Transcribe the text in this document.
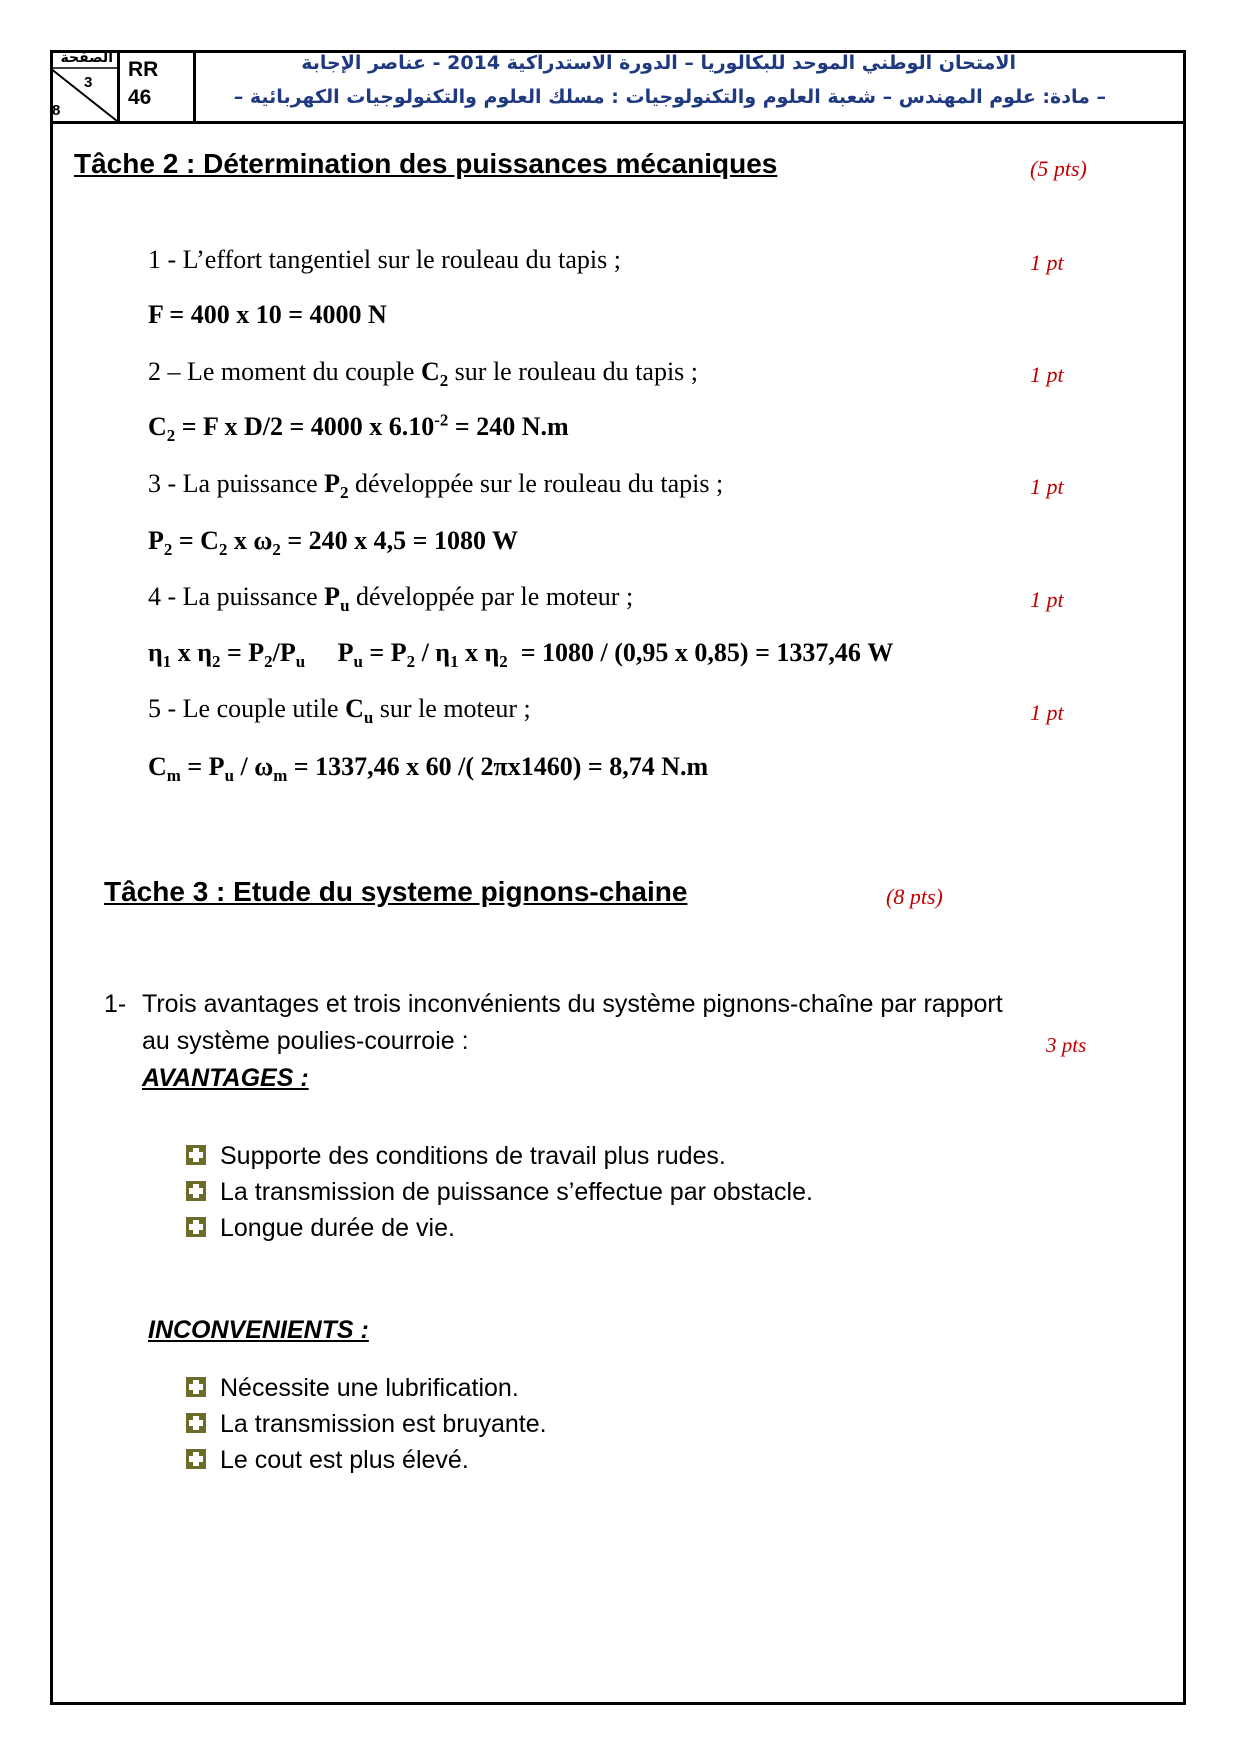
الصفحة
3
8
RR
46
الامتحان الوطني الموحد للبكالوريا – الدورة الاستدراكية 2014 - عناصر الإجابة
– مادة: علوم المهندس – شعبة العلوم والتكنولوجيات : مسلك العلوم والتكنولوجيات الكهربائية –
Tâche 2 : Détermination des puissances mécaniques	(5 pts)
1 - L’effort tangentiel sur le rouleau du tapis ;	1 pt
F = 400 x 10 = 4000 N
2 – Le moment du couple $C_2$ sur le rouleau du tapis ;	1 pt
$C_2 = F$ x D/2 = 4000 x $6.10^{-2} = 240$ N.m
3 - La puissance $P_2$ développée sur le rouleau du tapis ;	1 pt
$P_2 = C_2$ x $\omega_2 = 240$ x 4,5 = 1080 W
4 - La puissance $P_u$ développée par le moteur ;	1 pt
$\eta_1$ x $\eta_2 = P_2/P_u$     $P_u = P_2 / \eta_1$ x $\eta_2 = 1080 / (0,95$ x 0,85) = 1337,46 W
5 - Le couple utile $C_u$ sur le moteur ;	1 pt
$C_m = P_u / \omega_m = 1337,46$ x 60 /( 2πx1460) = 8,74 N.m
Tâche 3 : Etude du systeme pignons-chaine	(8 pts)
1- Trois avantages et trois inconvénients du système pignons-chaîne par rapport
au système poulies-courroie :	3 pts
AVANTAGES :
Supporte des conditions de travail plus rudes.
La transmission de puissance s’effectue par obstacle.
Longue durée de vie.
INCONVENIENTS :
Nécessite une lubrification.
La transmission est bruyante.
Le cout est plus élevé.
